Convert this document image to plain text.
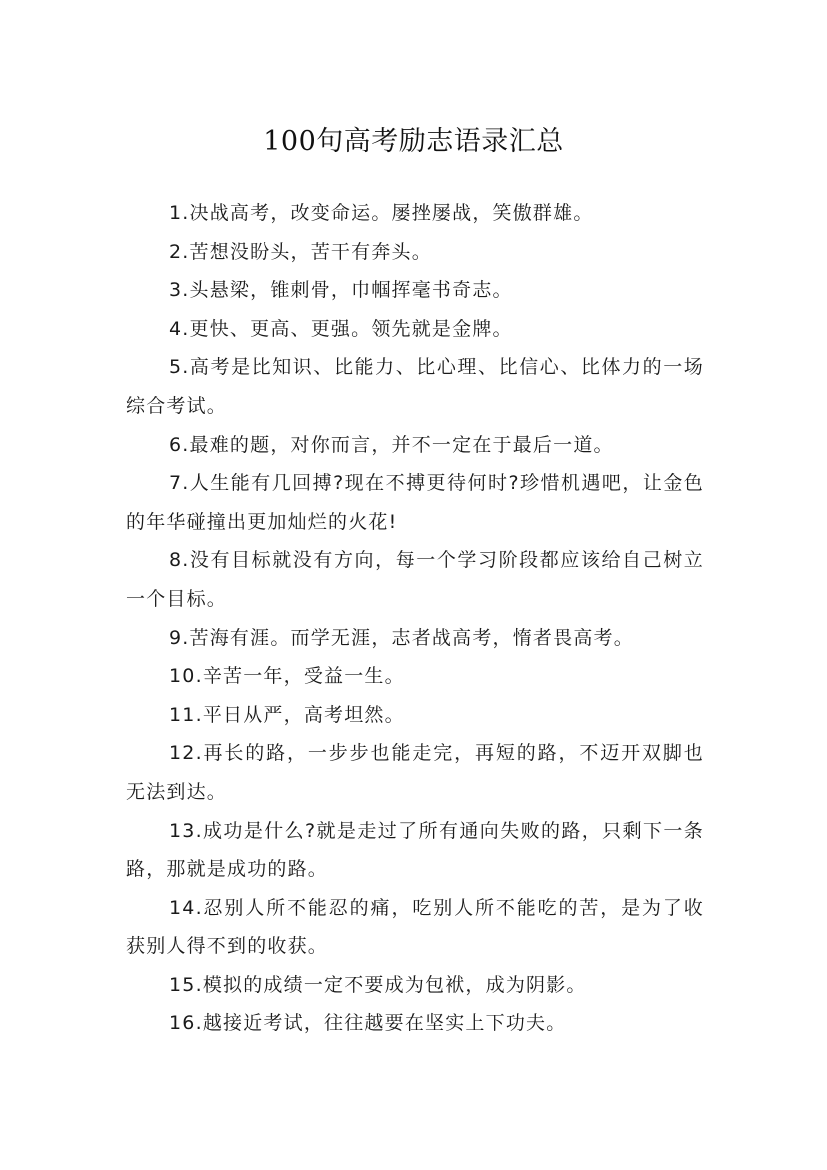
100句高考励志语录汇总

1.决战高考，改变命运。屡挫屡战，笑傲群雄。

2.苦想没盼头，苦干有奔头。

3.头悬梁，锥刺骨，巾帼挥毫书奇志。

4.更快、更高、更强。领先就是金牌。

5.高考是比知识、比能力、比心理、比信心、比体力的一场综合考试。

6.最难的题，对你而言，并不一定在于最后一道。

7.人生能有几回搏?现在不搏更待何时?珍惜机遇吧，让金色的年华碰撞出更加灿烂的火花!

8.没有目标就没有方向，每一个学习阶段都应该给自己树立一个目标。

9.苦海有涯。而学无涯，志者战高考，惰者畏高考。

10.辛苦一年，受益一生。

11.平日从严，高考坦然。

12.再长的路，一步步也能走完，再短的路，不迈开双脚也无法到达。

13.成功是什么?就是走过了所有通向失败的路，只剩下一条路，那就是成功的路。

14.忍别人所不能忍的痛，吃别人所不能吃的苦，是为了收获别人得不到的收获。

15.模拟的成绩一定不要成为包袱，成为阴影。

16.越接近考试，往往越要在坚实上下功夫。
